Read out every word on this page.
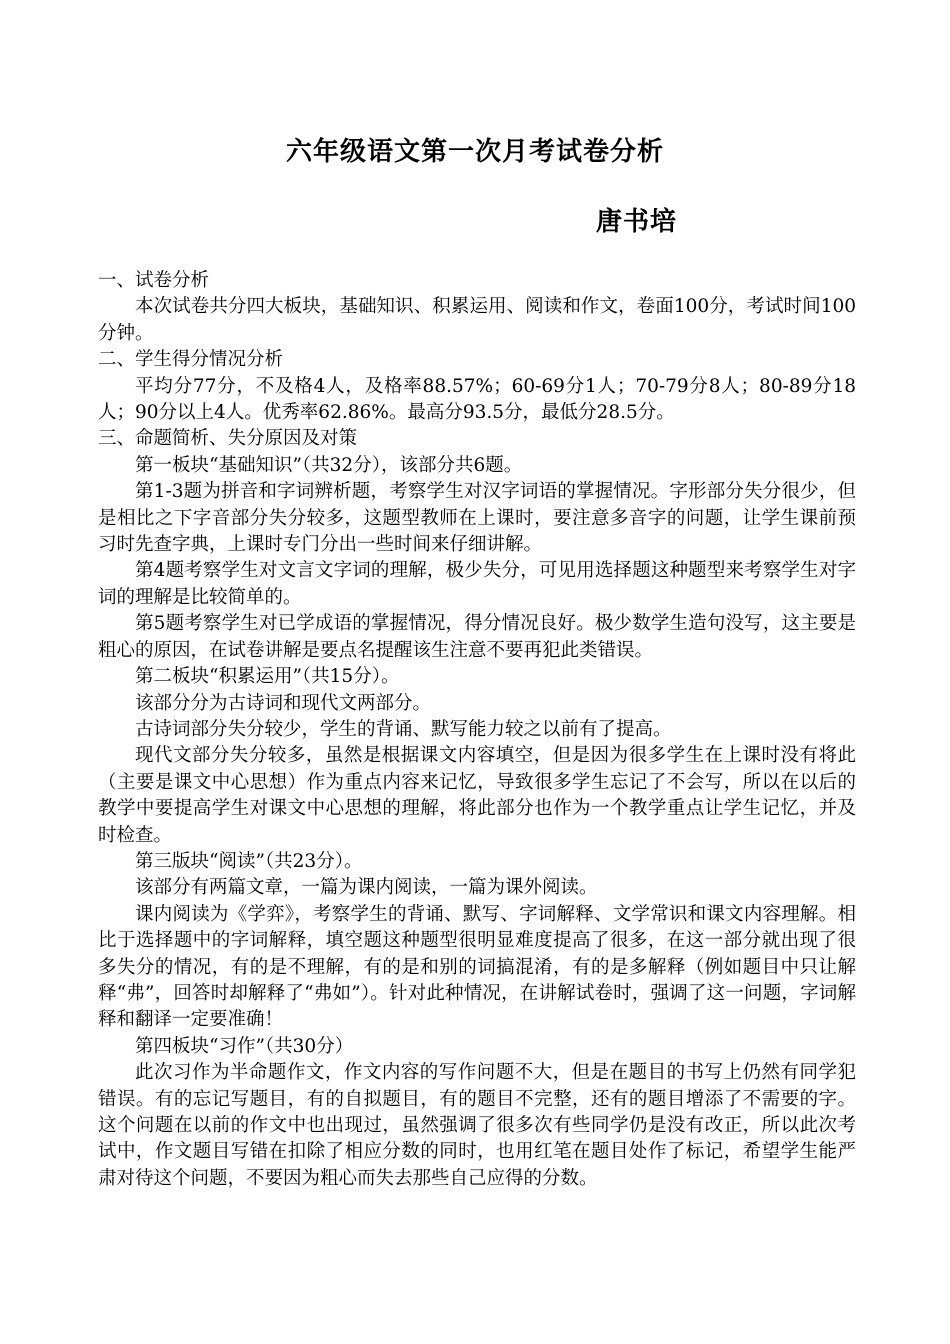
六年级语文第一次月考试卷分析
唐书培

一、试卷分析

本次试卷共分四大板块，基础知识、积累运用、阅读和作文，卷面100分，考试时间100分钟。

二、学生得分情况分析

平均分77分，不及格4人，及格率88.57%；60-69分1人；70-79分8人；80-89分18人；90分以上4人。优秀率62.86%。最高分93.5分，最低分28.5分。

三、命题简析、失分原因及对策

第一板块“基础知识”（共32分），该部分共6题。

第1-3题为拼音和字词辨析题，考察学生对汉字词语的掌握情况。字形部分失分很少，但是相比之下字音部分失分较多，这题型教师在上课时，要注意多音字的问题，让学生课前预习时先查字典，上课时专门分出一些时间来仔细讲解。

第4题考察学生对文言文字词的理解，极少失分，可见用选择题这种题型来考察学生对字词的理解是比较简单的。

第5题考察学生对已学成语的掌握情况，得分情况良好。极少数学生造句没写，这主要是粗心的原因，在试卷讲解是要点名提醒该生注意不要再犯此类错误。

第二板块“积累运用”（共15分）。

该部分分为古诗词和现代文两部分。

古诗词部分失分较少，学生的背诵、默写能力较之以前有了提高。

现代文部分失分较多，虽然是根据课文内容填空，但是因为很多学生在上课时没有将此（主要是课文中心思想）作为重点内容来记忆，导致很多学生忘记了不会写，所以在以后的教学中要提高学生对课文中心思想的理解，将此部分也作为一个教学重点让学生记忆，并及时检查。

第三版块“阅读”（共23分）。

该部分有两篇文章，一篇为课内阅读，一篇为课外阅读。

课内阅读为《学弈》，考察学生的背诵、默写、字词解释、文学常识和课文内容理解。相比于选择题中的字词解释，填空题这种题型很明显难度提高了很多，在这一部分就出现了很多失分的情况，有的是不理解，有的是和别的词搞混淆，有的是多解释（例如题目中只让解释“弗”，回答时却解释了“弗如”）。针对此种情况，在讲解试卷时，强调了这一问题，字词解释和翻译一定要准确！

第四板块“习作”（共30分）

此次习作为半命题作文，作文内容的写作问题不大，但是在题目的书写上仍然有同学犯错误。有的忘记写题目，有的自拟题目，有的题目不完整，还有的题目增添了不需要的字。这个问题在以前的作文中也出现过，虽然强调了很多次有些同学仍是没有改正，所以此次考试中，作文题目写错在扣除了相应分数的同时，也用红笔在题目处作了标记，希望学生能严肃对待这个问题，不要因为粗心而失去那些自己应得的分数。
